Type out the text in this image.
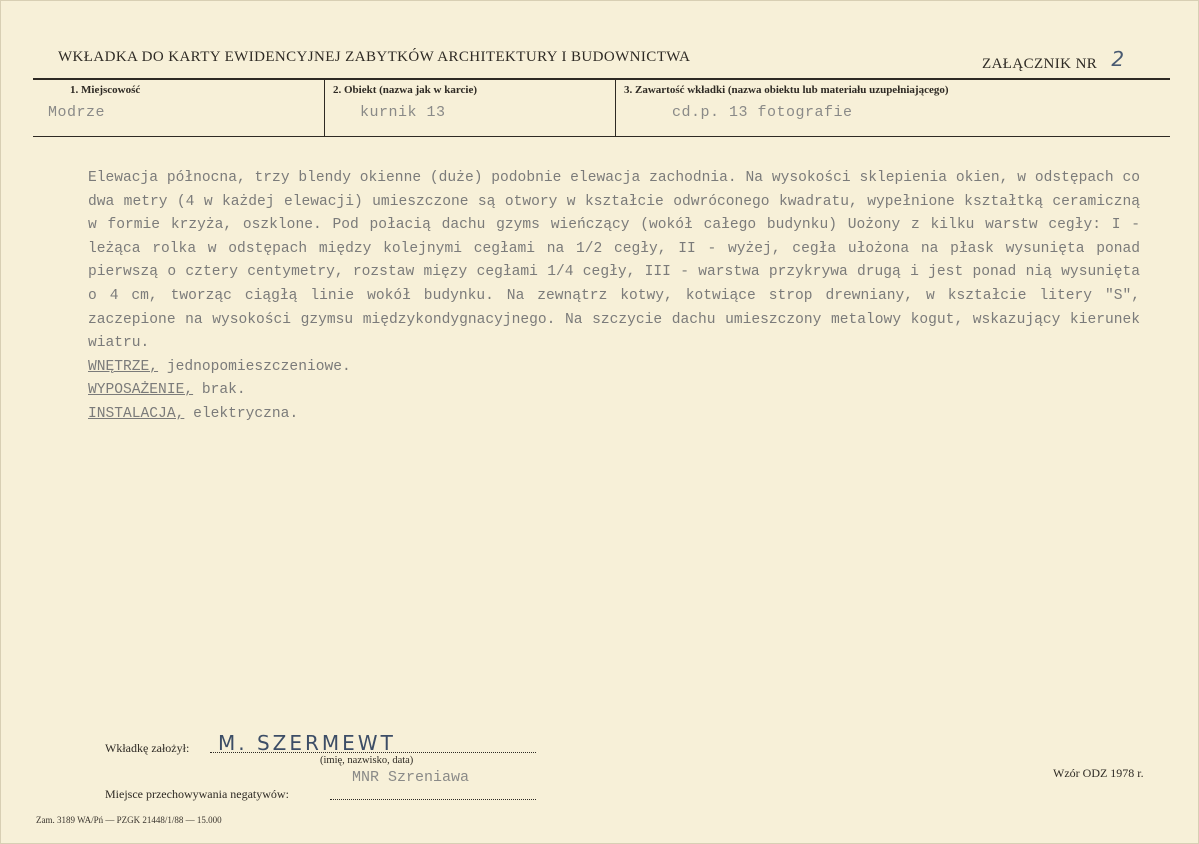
WKŁADKA DO KARTY EWIDENCYJNEJ ZABYTKÓW ARCHITEKTURY I BUDOWNICTWA	ZAŁĄCZNIK NR 2
1. Miejscowość
Modrze
2. Obiekt (nazwa jak w karcie)
kurnik 13
3. Zawartość wkładki (nazwa obiektu lub materiału uzupełniającego)
cd.p. 13 fotografie

Elewacja północna, trzy blendy okienne (duże) podobnie elewacja zachodnia. Na wysokości sklepienia okien, w odstępach co dwa metry (4 w każdej elewacji) umieszczone są otwory w kształcie odwróconego kwadratu, wypełnione kształtką ceramiczną w formie krzyża, oszklone. Pod połacią dachu gzyms wieńczący (wokół całego budynku) Uożony z kilku warstw cegły: I - leżąca rolka w odstępach między kolejnymi cegłami na 1/2 cegły, II - wyżej, cegła ułożona na płask wysunięta ponad pierwszą o cztery centymetry, rozstaw mięzy cegłami 1/4 cegły, III - warstwa przykrywa drugą i jest ponad nią wysunięta o 4 cm, tworząc ciągłą linie wokół budynku. Na zewnątrz kotwy, kotwiące strop drewniany, w kształcie litery "S", zaczepione na wysokości gzymsu międzykondygnacyjnego. Na szczycie dachu umieszczony metalowy kogut, wskazujący kierunek wiatru.

WNĘTRZE, jednopomieszczeniowe.
WYPOSAŻENIE, brak.
INSTALACJA, elektryczna.
Wkładkę założył: M. SZERMEWT
(imię, nazwisko, data)
MNR Szreniawa
Miejsce przechowywania negatywów:
Wzór ODZ 1978 r.
Zam. 3189 WA/Pń — PZGK 21448/1/88 — 15.000
